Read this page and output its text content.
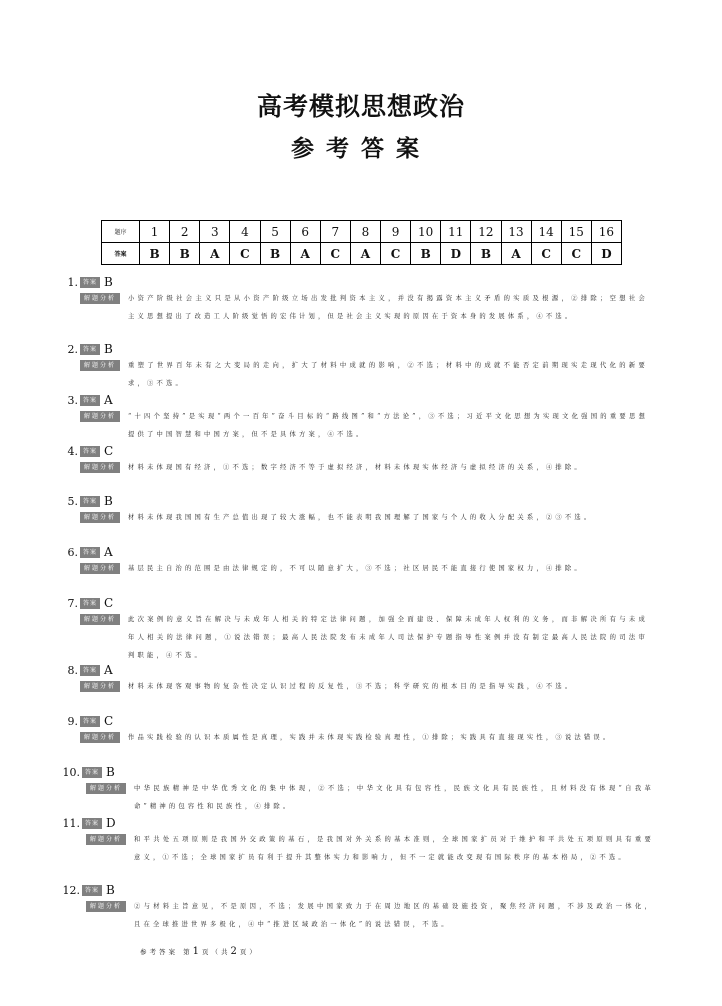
高考模拟思想政治
参考答案
题序	1	2	3	4	5	6	7	8	9	10	11	12	13	14	15	16
答案	B	B	A	C	B	A	C	A	C	B	D	B	A	C	C	D
1. 答案 B
解题分析	小资产阶级社会主义只是从小资产阶级立场出发批判资本主义，并没有揭露资本主义矛盾的实质及根源，②排除；空想社会主义思想提出了改造工人阶级觉悟的宏伟计划，但是社会主义实现的原因在于资本身的发展体系，④不选。
2. 答案 B
解题分析	重塑了世界百年未有之大变局的走向，扩大了材料中成就的影响，②不选；材料中的成就不能否定前期现实走现代化的新要求，③不选。
3. 答案 A
解题分析	“十四个坚持”是实现“两个一百年”奋斗目标的“路线图”和“方法论”，③不选；习近平文化思想为实现文化强国的重要思想提供了中国智慧和中国方案，但不是具体方案，④不选。
4. 答案 C
解题分析	材料未体现国有经济，①不选；数字经济不等于虚拟经济，材料未体现实体经济与虚拟经济的关系，④排除。
5. 答案 B
解题分析	材料未体现我国国有生产总值出现了较大涨幅，也不能表明我国理解了国家与个人的收入分配关系，②③不选。
6. 答案 A
解题分析	基层民主自治的范围是由法律规定的，不可以随意扩大，③不选；社区居民不能直接行使国家权力，④排除。
7. 答案 C
解题分析	此次案例的意义旨在解决与未成年人相关的特定法律问题，加强全面建设、保障未成年人权利的义务，而非解决所有与未成年人相关的法律问题，①说法错误；最高人民法院发布未成年人司法保护专题指导性案例并没有制定最高人民法院的司法审判职能，④不选。
8. 答案 A
解题分析	材料未体现客观事物的复杂性决定认识过程的反复性，③不选；科学研究的根本目的是指导实践，④不选。
9. 答案 C
解题分析	作品实践检验的认识本质属性是真理，实践并未体现实践检验真理性，①排除；实践具有直接现实性，③说法错误。
10. 答案 B
解题分析	中华民族精神是中华优秀文化的集中体现，②不选；中华文化具有包容性，民族文化具有民族性，且材料没有体现“自我革命”精神的包容性和民族性，④排除。
11. 答案 D
解题分析	和平共处五项原则是我国外交政策的基石，是我国对外关系的基本准则，全球国家扩员对于维护和平共处五项原则具有重要意义，①不选；全球国家扩员有利于提升其整体实力和影响力，但不一定就能改变现有国际秩序的基本格局，②不选。
12. 答案 B
解题分析	②与材料主旨意见，不是原因，不选；发展中国家致力于在周边地区的基础设施投资，聚焦经济问题，不涉及政治一体化，且在全球推进世界多极化，④中“推进区域政治一体化”的说法错误，不选。
参考答案 第1页（共2页）
